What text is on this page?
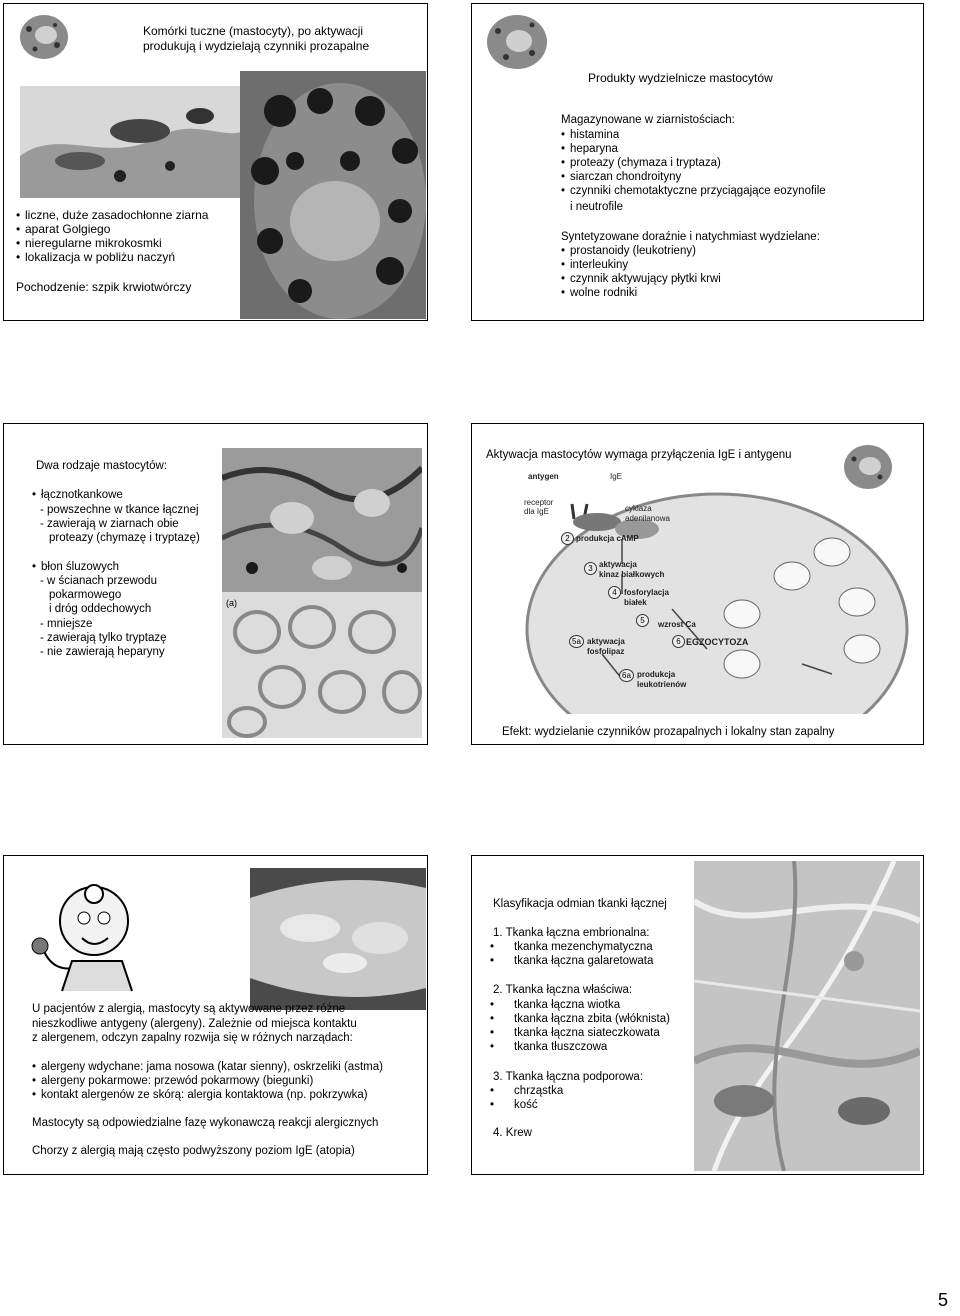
Komórki tuczne (mastocyty), po aktywacji
produkują i wydzielają czynniki prozapalne
• liczne, duże zasadochłonne ziarna
• aparat Golgiego
• nieregularne mikrokosmki
• lokalizacja w pobliżu naczyń
Pochodzenie: szpik krwiotwórczy
Produkty wydzielnicze mastocytów
Magazynowane w ziarnistościach:
• histamina
• heparyna
• proteazy (chymaza i tryptaza)
• siarczan chondroityny
• czynniki chemotaktyczne przyciągające eozynofile
i neutrofile
Syntetyzowane doraźnie i natychmiast wydzielane:
• prostanoidy (leukotrieny)
• interleukiny
• czynnik aktywujący płytki krwi
• wolne rodniki
Dwa rodzaje mastocytów:
• łącznotkankowe
- powszechne w tkance łącznej
- zawierają w ziarnach obie
proteazy (chymazę i tryptazę)
• błon śluzowych
- w ścianach przewodu
pokarmowego
i dróg oddechowych
- mniejsze
- zawierają tylko tryptazę
- nie zawierają heparyny
(a)
Aktywacja mastocytów wymaga przyłączenia IgE i antygenu
antygen	IgE
receptor
dla IgE	cyklaza
adenilanowa
2 produkcja cAMP
3 aktywacja
kinaz białkowych
4 fosforylacja
białek
5	wzrost Ca
5a aktywacja
fosfolipaz
6 EGZOCYTOZA
6a produkcja
leukotrienów
Efekt: wydzielanie czynników prozapalnych i lokalny stan zapalny
U pacjentów z alergią, mastocyty są aktywowane przez różne
nieszkodliwe antygeny (alergeny). Zależnie od miejsca kontaktu
z alergenem, odczyn zapalny rozwija się w różnych narządach:
• alergeny wdychane: jama nosowa (katar sienny), oskrzeliki (astma)
• alergeny pokarmowe: przewód pokarmowy (biegunki)
• kontakt alergenów ze skórą: alergia kontaktowa (np. pokrzywka)
Mastocyty są odpowiedzialne fazę wykonawczą reakcji alergicznych
Chorzy z alergią mają często podwyższony poziom IgE (atopia)
Klasyfikacja odmian tkanki łącznej
1. Tkanka łączna embrionalna:
• tkanka mezenchymatyczna
• tkanka łączna galaretowata
2. Tkanka łączna właściwa:
• tkanka łączna wiotka
• tkanka łączna zbita (włóknista)
• tkanka łączna siateczkowata
• tkanka tłuszczowa
3. Tkanka łączna podporowa:
• chrząstka
• kość
4. Krew
5
